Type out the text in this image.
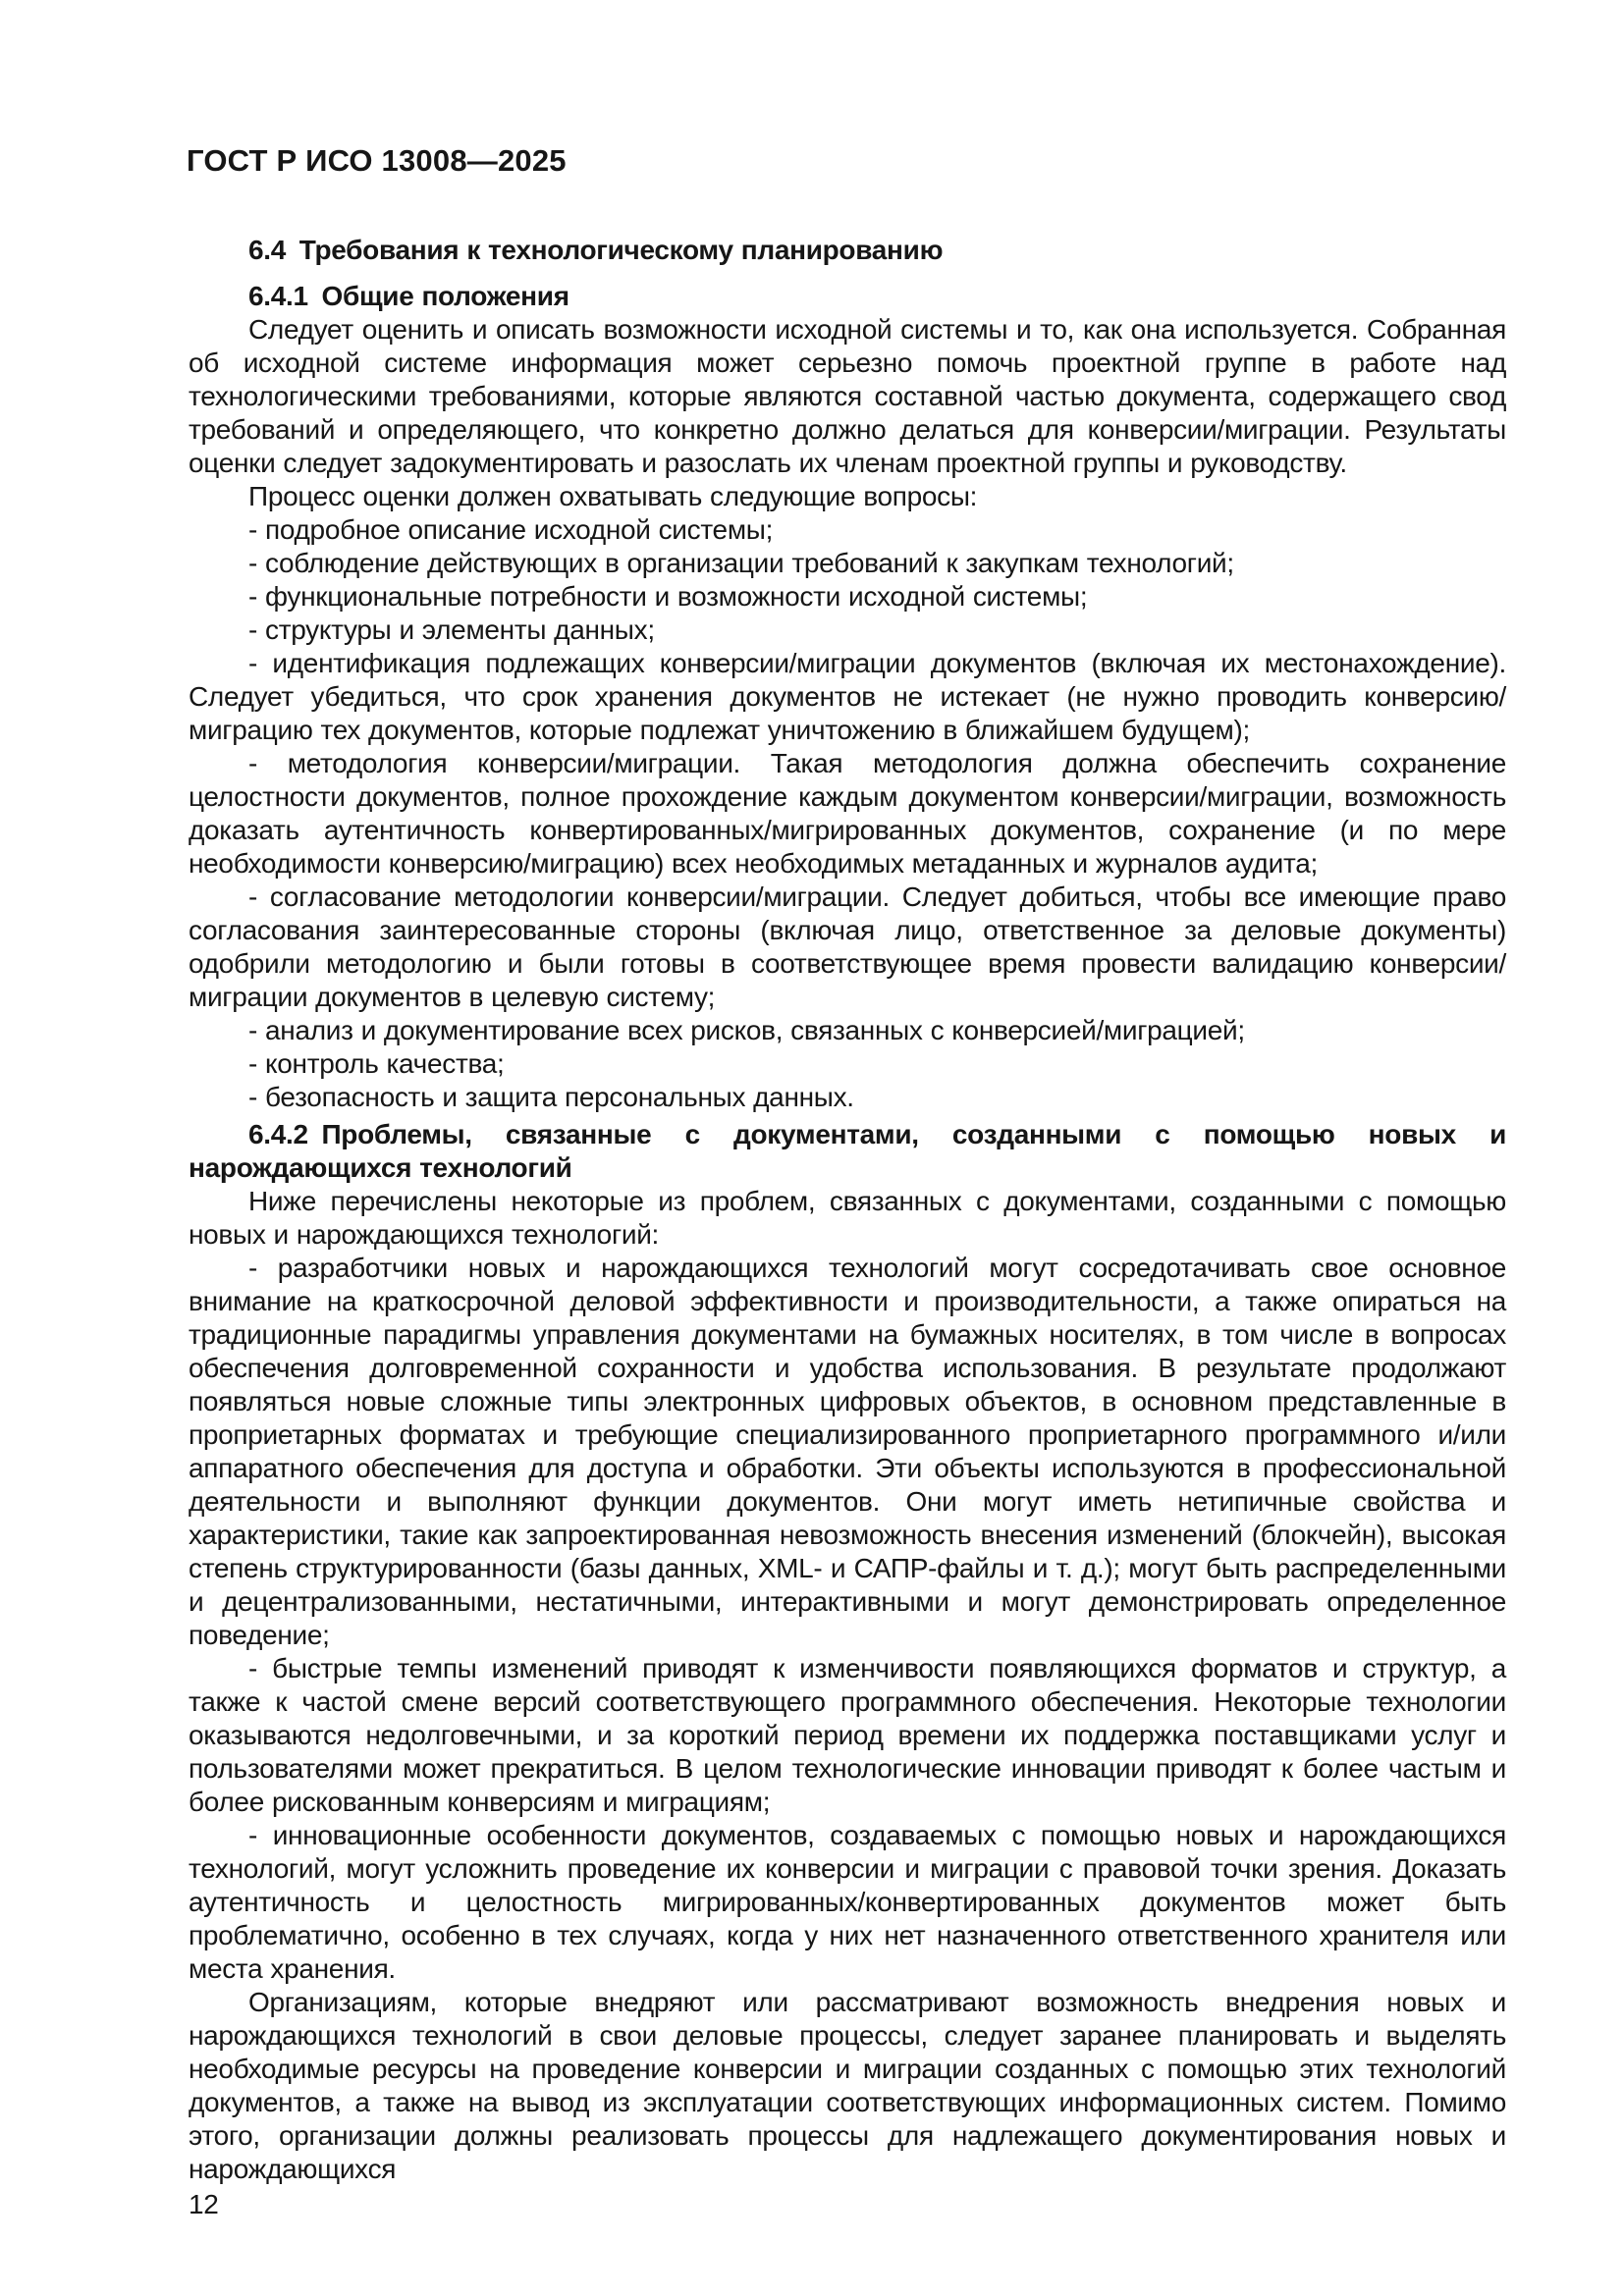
ГОСТ Р ИСО 13008—2025

6.4 Требования к технологическому планированию

6.4.1 Общие положения

Следует оценить и описать возможности исходной системы и то, как она используется. Собранная об исходной системе информация может серьезно помочь проектной группе в работе над технологическими требованиями, которые являются составной частью документа, содержащего свод требований и определяющего, что конкретно должно делаться для конверсии/миграции. Результаты оценки следует задокументировать и разослать их членам проектной группы и руководству.

Процесс оценки должен охватывать следующие вопросы:

- подробное описание исходной системы;

- соблюдение действующих в организации требований к закупкам технологий;

- функциональные потребности и возможности исходной системы;

- структуры и элементы данных;

- идентификация подлежащих конверсии/миграции документов (включая их местонахождение). Следует убедиться, что срок хранения документов не истекает (не нужно проводить конверсию/миграцию тех документов, которые подлежат уничтожению в ближайшем будущем);

- методология конверсии/миграции. Такая методология должна обеспечить сохранение целостности документов, полное прохождение каждым документом конверсии/миграции, возможность доказать аутентичность конвертированных/мигрированных документов, сохранение (и по мере необходимости конверсию/миграцию) всех необходимых метаданных и журналов аудита;

- согласование методологии конверсии/миграции. Следует добиться, чтобы все имеющие право согласования заинтересованные стороны (включая лицо, ответственное за деловые документы) одобрили методологию и были готовы в соответствующее время провести валидацию конверсии/миграции документов в целевую систему;

- анализ и документирование всех рисков, связанных с конверсией/миграцией;

- контроль качества;

- безопасность и защита персональных данных.

6.4.2 Проблемы, связанные с документами, созданными с помощью новых и нарождающихся технологий

Ниже перечислены некоторые из проблем, связанных с документами, созданными с помощью новых и нарождающихся технологий:

- разработчики новых и нарождающихся технологий могут сосредотачивать свое основное внимание на краткосрочной деловой эффективности и производительности, а также опираться на традиционные парадигмы управления документами на бумажных носителях, в том числе в вопросах обеспечения долговременной сохранности и удобства использования. В результате продолжают появляться новые сложные типы электронных цифровых объектов, в основном представленные в проприетарных форматах и требующие специализированного проприетарного программного и/или аппаратного обеспечения для доступа и обработки. Эти объекты используются в профессиональной деятельности и выполняют функции документов. Они могут иметь нетипичные свойства и характеристики, такие как запроектированная невозможность внесения изменений (блокчейн), высокая степень структурированности (базы данных, XML- и САПР-файлы и т. д.); могут быть распределенными и децентрализованными, нестатичными, интерактивными и могут демонстрировать определенное поведение;

- быстрые темпы изменений приводят к изменчивости появляющихся форматов и структур, а также к частой смене версий соответствующего программного обеспечения. Некоторые технологии оказываются недолговечными, и за короткий период времени их поддержка поставщиками услуг и пользователями может прекратиться. В целом технологические инновации приводят к более частым и более рискованным конверсиям и миграциям;

- инновационные особенности документов, создаваемых с помощью новых и нарождающихся технологий, могут усложнить проведение их конверсии и миграции с правовой точки зрения. Доказать аутентичность и целостность мигрированных/конвертированных документов может быть проблематично, особенно в тех случаях, когда у них нет назначенного ответственного хранителя или места хранения.

Организациям, которые внедряют или рассматривают возможность внедрения новых и нарождающихся технологий в свои деловые процессы, следует заранее планировать и выделять необходимые ресурсы на проведение конверсии и миграции созданных с помощью этих технологий документов, а также на вывод из эксплуатации соответствующих информационных систем. Помимо этого, организации должны реализовать процессы для надлежащего документирования новых и нарождающихся

12
